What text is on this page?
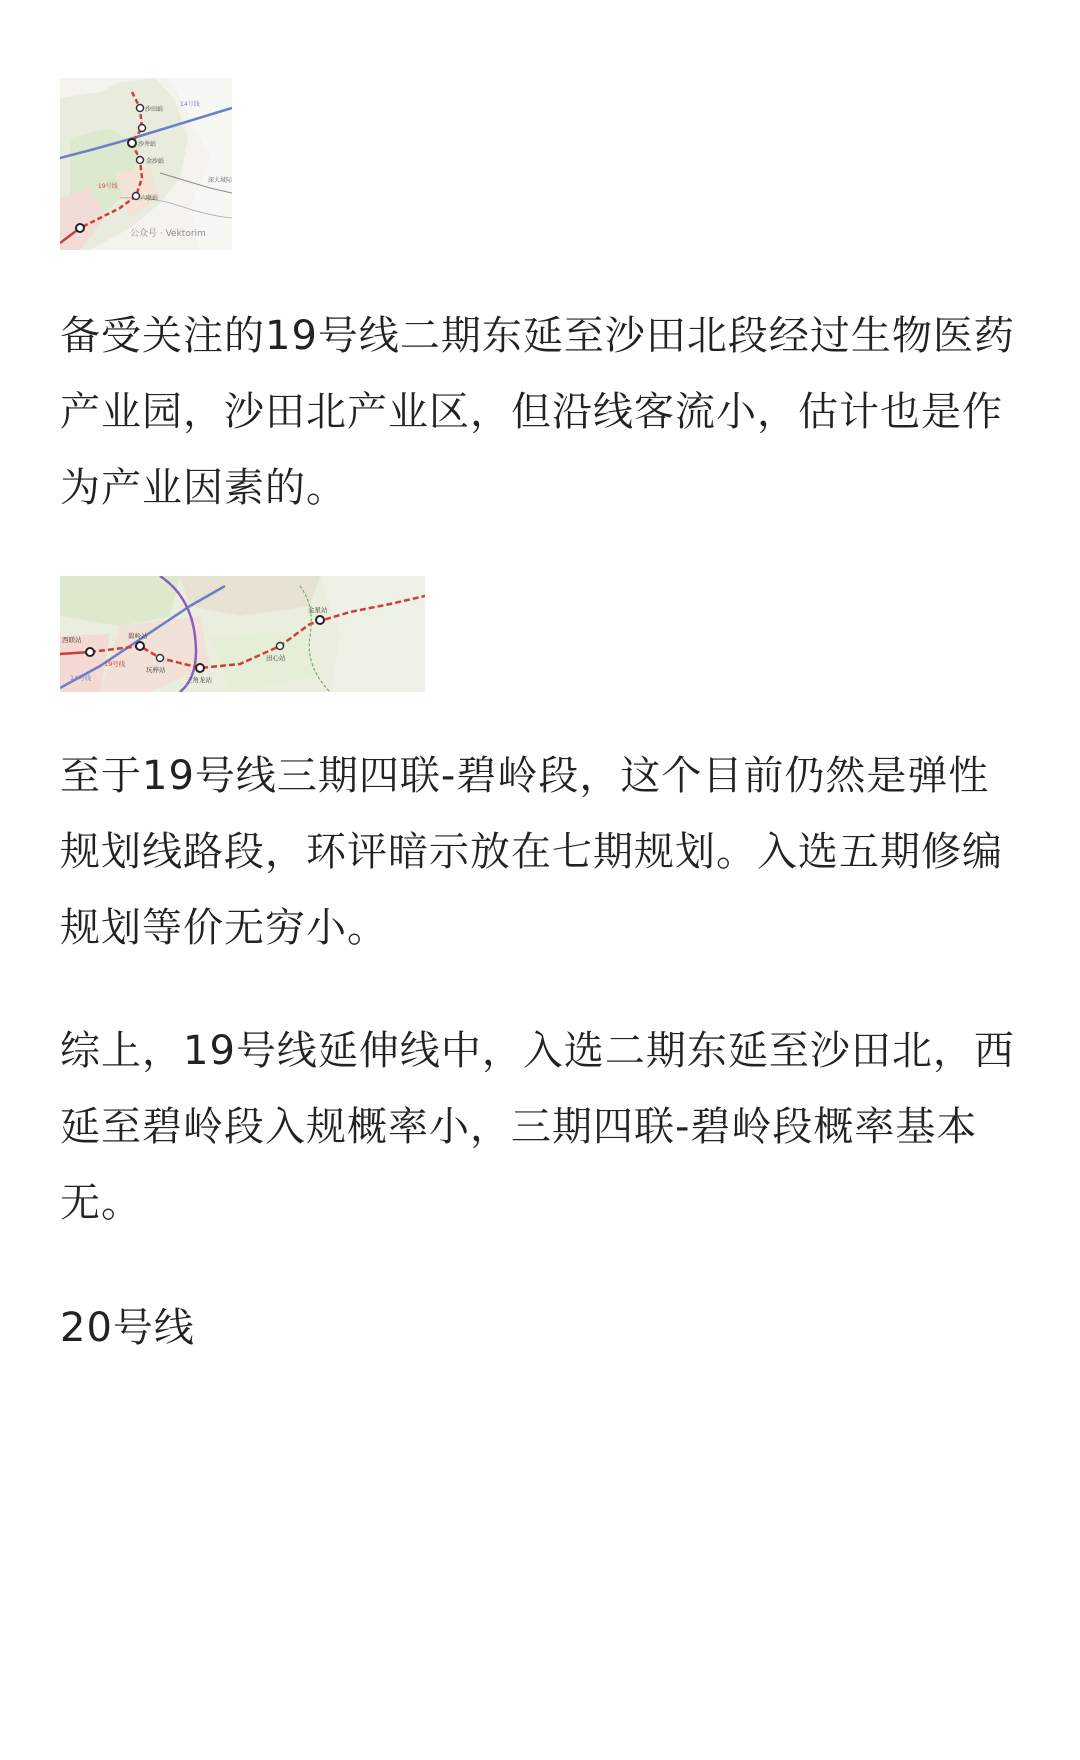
沙田站
沙井站
金沙站
六联站
14号线
19号线
深大城际
公众号 · Vektorim

备受关注的19号线二期东延至沙田北段经过生物医药产业园，沙田北产业区，但沿线客流小，估计也是作为产业因素的。

西联站	碧岭站
坑梓站
三角龙站
田心站
金星站
14号线
19号线

至于19号线三期四联-碧岭段，这个目前仍然是弹性规划线路段，环评暗示放在七期规划。入选五期修编规划等价无穷小。

综上，19号线延伸线中，入选二期东延至沙田北，西延至碧岭段入规概率小，三期四联-碧岭段概率基本无。

20号线
